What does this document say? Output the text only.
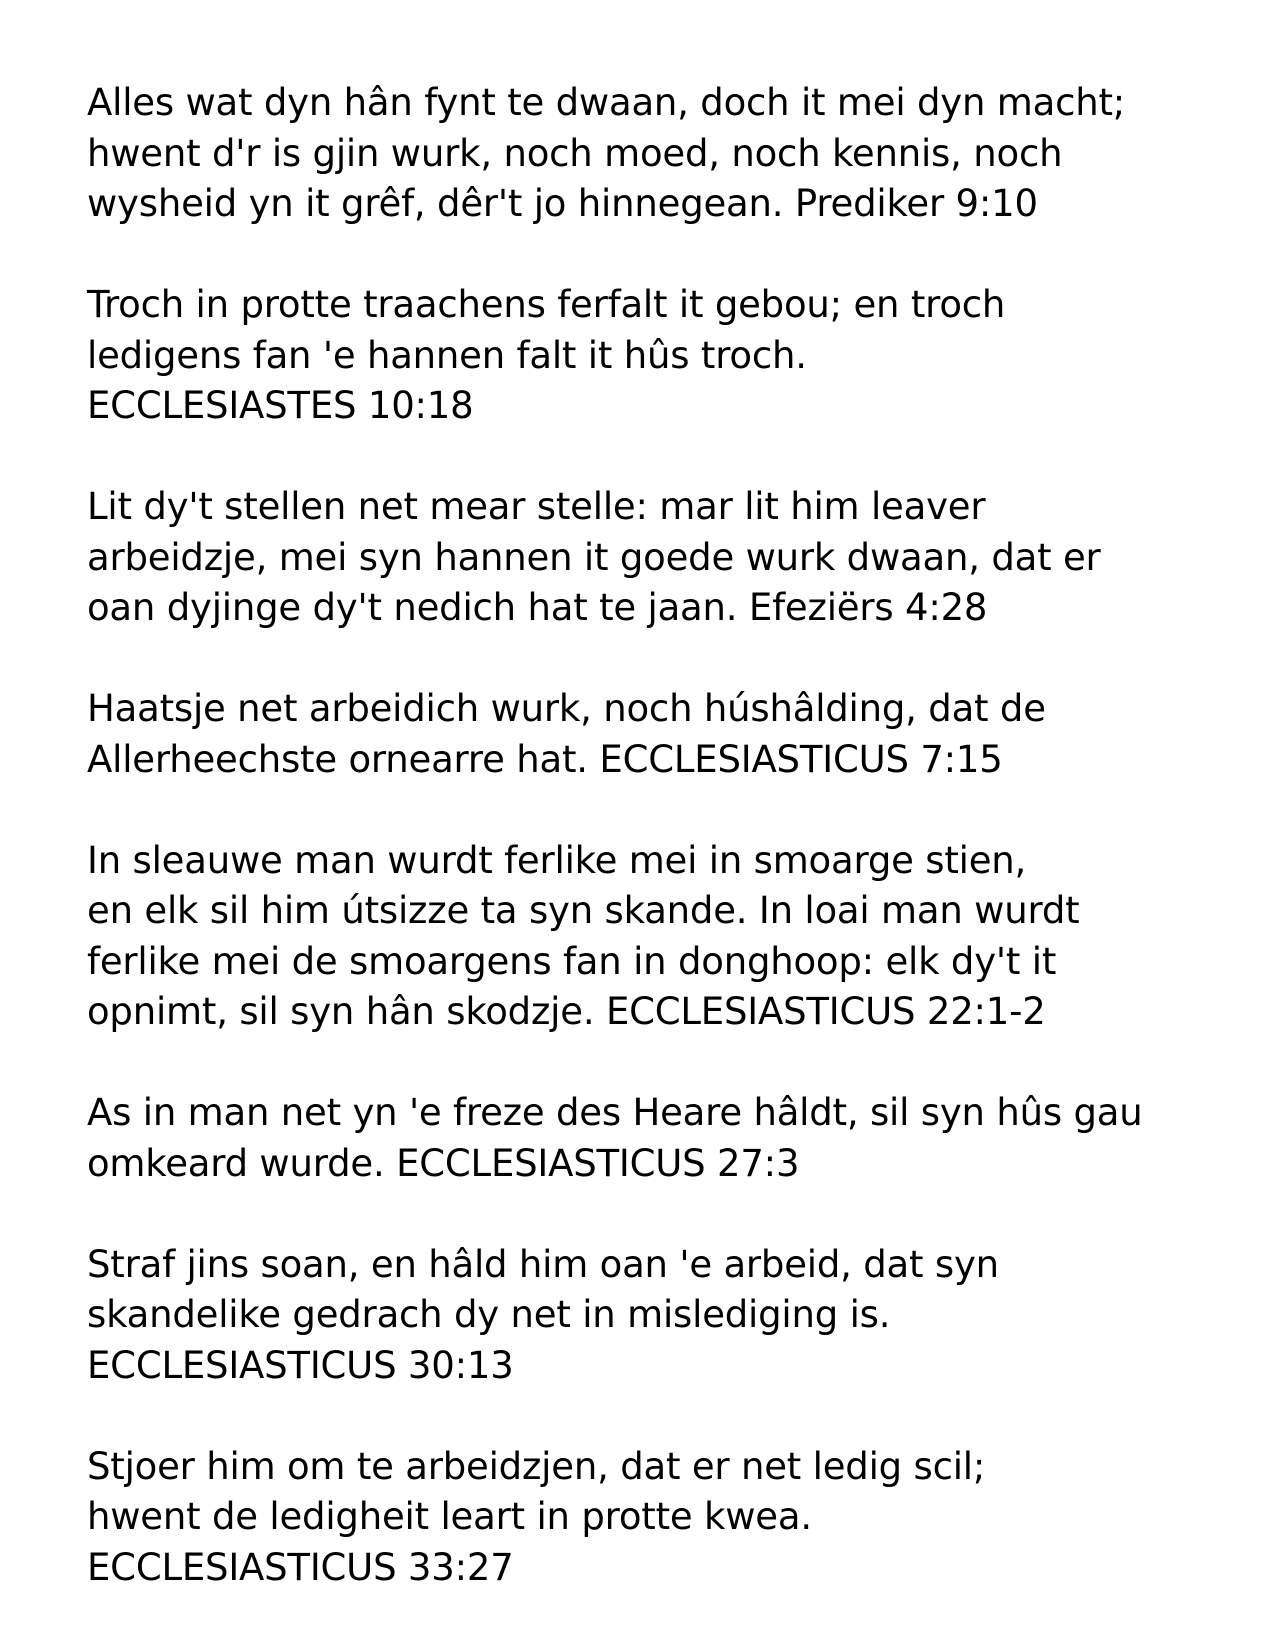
Alles wat dyn hân fynt te dwaan, doch it mei dyn macht;
hwent d'r is gjin wurk, noch moed, noch kennis, noch
wysheid yn it grêf, dêr't jo hinnegean. Prediker 9:10
Troch in protte traachens ferfalt it gebou; en troch
ledigens fan 'e hannen falt it hûs troch.
ECCLESIASTES 10:18
Lit dy't stellen net mear stelle: mar lit him leaver
arbeidzje, mei syn hannen it goede wurk dwaan, dat er
oan dyjinge dy't nedich hat te jaan. Efeziërs 4:28
Haatsje net arbeidich wurk, noch húshâlding, dat de
Allerheechste ornearre hat. ECCLESIASTICUS 7:15
In sleauwe man wurdt ferlike mei in smoarge stien,
en elk sil him útsizze ta syn skande. In loai man wurdt
ferlike mei de smoargens fan in donghoop: elk dy't it
opnimt, sil syn hân skodzje. ECCLESIASTICUS 22:1-2
As in man net yn 'e freze des Heare hâldt, sil syn hûs gau
omkeard wurde. ECCLESIASTICUS 27:3
Straf jins soan, en hâld him oan 'e arbeid, dat syn
skandelike gedrach dy net in mislediging is.
ECCLESIASTICUS 30:13
Stjoer him om te arbeidzjen, dat er net ledig scil;
hwent de ledigheit leart in protte kwea.
ECCLESIASTICUS 33:27
